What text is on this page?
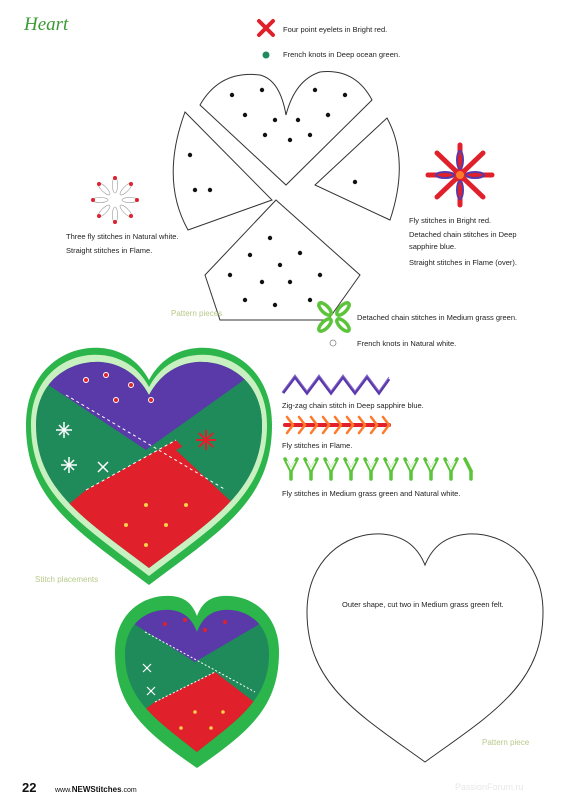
Heart	Four point eyelets in Bright red.
French knots in Deep ocean green.
Pattern pieces
Three fly stitches in Natural white.
Straight stitches in Flame.
Fly stitches in Bright red.
Detached chain stitches in Deep
sapphire blue.
Straight stitches in Flame (over).
Detached chain stitches in Medium grass green.
French knots in Natural white.
Stitch placements
Zig-zag chain stitch in Deep sapphire blue.
Fly stitches in Flame.
Fly stitches in Medium grass green and Natural white.
Outer shape, cut two in Medium grass green felt.
Pattern piece
22	www.NEWStitches.com	PassionForum.ru
